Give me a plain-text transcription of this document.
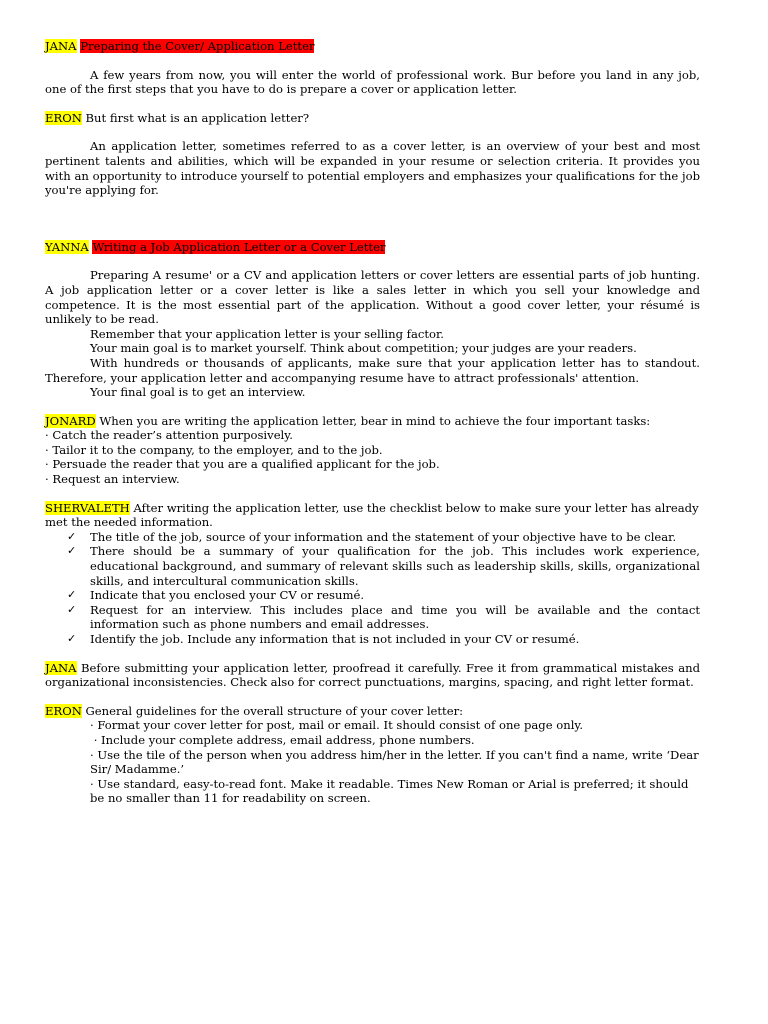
JANA Preparing the Cover/ Application Letter

A few years from now, you will enter the world of professional work. Bur before you land in any job, one of the first steps that you have to do is prepare a cover or application letter.

ERON But first what is an application letter?

An application letter, sometimes referred to as a cover letter, is an overview of your best and most pertinent talents and abilities, which will be expanded in your resume or selection criteria. It provides you with an opportunity to introduce yourself to potential employers and emphasizes your qualifications for the job you're applying for.

YANNA Writing a Job Application Letter or a Cover Letter

Preparing A resume' or a CV and application letters or cover letters are essential parts of job hunting. A job application letter or a cover letter is like a sales letter in which you sell your knowledge and competence. It is the most essential part of the application. Without a good cover letter, your résumé is unlikely to be read.

Remember that your application letter is your selling factor.

Your main goal is to market yourself. Think about competition; your judges are your readers.

With hundreds or thousands of applicants, make sure that your application letter has to standout. Therefore, your application letter and accompanying resume have to attract professionals' attention.

Your final goal is to get an interview.

JONARD When you are writing the application letter, bear in mind to achieve the four important tasks:

· Catch the reader’s attention purposively.
· Tailor it to the company, to the employer, and to the job.
· Persuade the reader that you are a qualified applicant for the job.
· Request an interview.

SHERVALETH After writing the application letter, use the checklist below to make sure your letter has already met the needed information.

✓ The title of the job, source of your information and the statement of your objective have to be clear.
✓ There should be a summary of your qualification for the job. This includes work experience, educational background, and summary of relevant skills such as leadership skills, skills, organizational skills, and intercultural communication skills.
✓ Indicate that you enclosed your CV or resumé.
✓ Request for an interview. This includes place and time you will be available and the contact information such as phone numbers and email addresses.
✓ Identify the job. Include any information that is not included in your CV or resumé.

JANA Before submitting your application letter, proofread it carefully. Free it from grammatical mistakes and organizational inconsistencies. Check also for correct punctuations, margins, spacing, and right letter format.

ERON General guidelines for the overall structure of your cover letter:

· Format your cover letter for post, mail or email. It should consist of one page only.

· Include your complete address, email address, phone numbers.

· Use the tile of the person when you address him/her in the letter. If you can't find a name, write ‘Dear Sir/ Madamme.’

· Use standard, easy-to-read font. Make it readable. Times New Roman or Arial is preferred; it should be no smaller than 11 for readability on screen.
